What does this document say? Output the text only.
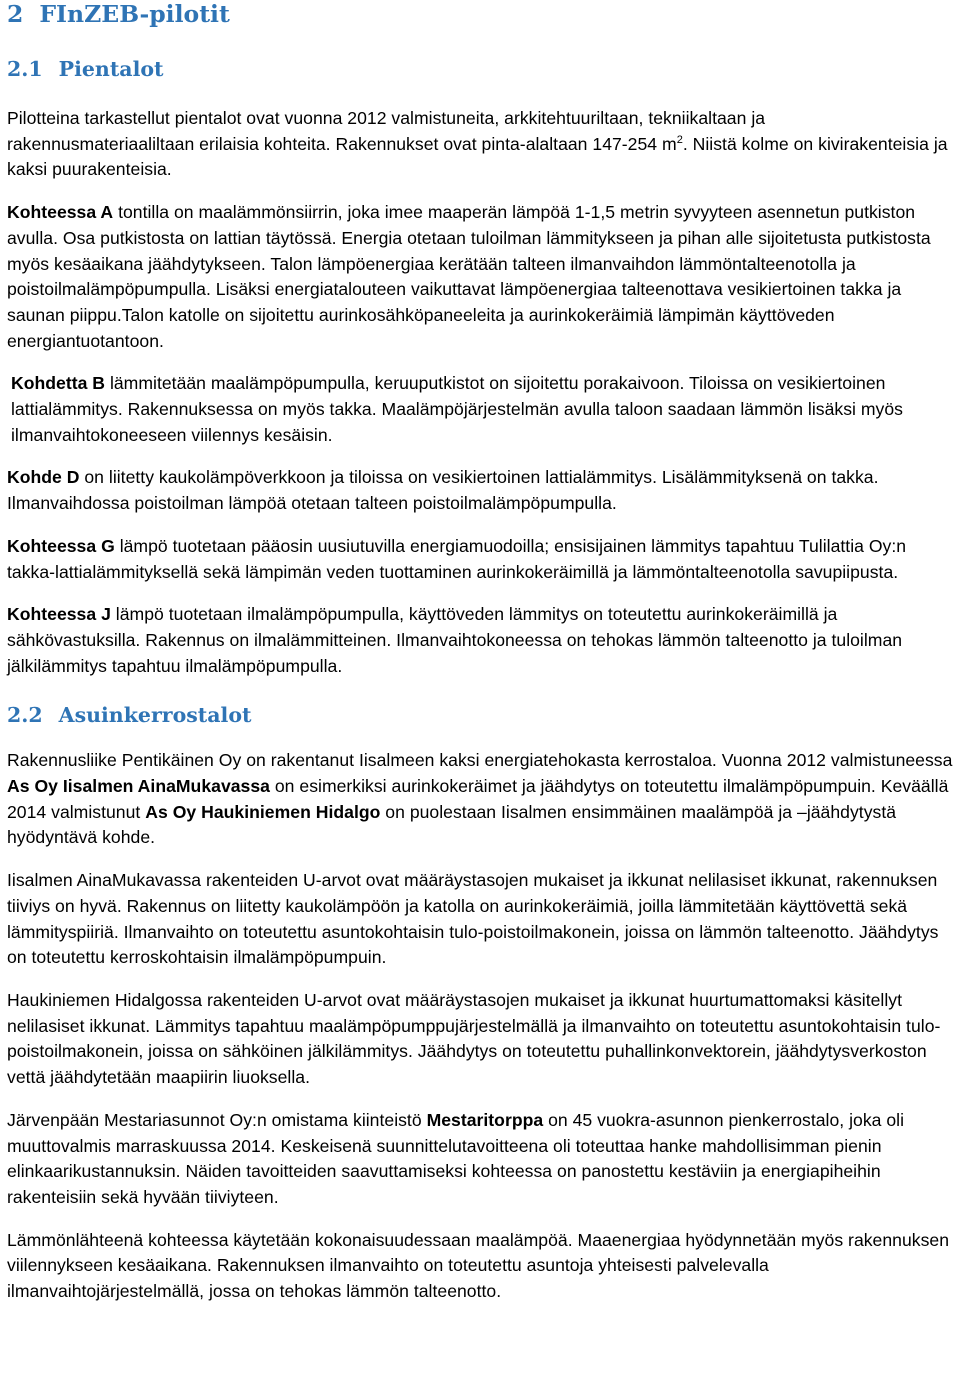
2 FInZEB-pilotit
2.1 Pientalot

Pilotteina tarkastellut pientalot ovat vuonna 2012 valmistuneita, arkkitehtuuriltaan, tekniikaltaan ja rakennusmateriaaliltaan erilaisia kohteita. Rakennukset ovat pinta-alaltaan 147-254 $m^2$. Niistä kolme on kivirakenteisia ja kaksi puurakenteisia.

Kohteessa A tontilla on maalämmönsiirrin, joka imee maaperän lämpöä 1-1,5 metrin syvyyteen asennetun putkiston avulla. Osa putkistosta on lattian täytössä. Energia otetaan tuloilman lämmitykseen ja pihan alle sijoitetusta putkistosta myös kesäaikana jäähdytykseen. Talon lämpöenergiaa kerätään talteen ilmanvaihdon lämmöntalteenotolla ja poistoilmalämpöpumpulla. Lisäksi energiatalouteen vaikuttavat lämpöenergiaa talteenottava vesikiertoinen takka ja saunan piippu.Talon katolle on sijoitettu aurinkosähköpaneeleita ja aurinkokeräimiä lämpimän käyttöveden energiantuotantoon.

Kohdetta B lämmitetään maalämpöpumpulla, keruuputkistot on sijoitettu porakaivoon. Tiloissa on vesikiertoinen lattialämmitys. Rakennuksessa on myös takka. Maalämpöjärjestelmän avulla taloon saadaan lämmön lisäksi myös ilmanvaihtokoneeseen viilennys kesäisin.

Kohde D on liitetty kaukolämpöverkkoon ja tiloissa on vesikiertoinen lattialämmitys. Lisälämmityksenä on takka. Ilmanvaihdossa poistoilman lämpöä otetaan talteen poistoilmalämpöpumpulla.

Kohteessa G lämpö tuotetaan pääosin uusiutuvilla energiamuodoilla; ensisijainen lämmitys tapahtuu Tulilattia Oy:n takka-lattialämmityksellä sekä lämpimän veden tuottaminen aurinkokeräimillä ja lämmöntalteenotolla savupiipusta.

Kohteessa J lämpö tuotetaan ilmalämpöpumpulla, käyttöveden lämmitys on toteutettu aurinkokeräimillä ja sähkövastuksilla. Rakennus on ilmalämmitteinen. Ilmanvaihtokoneessa on tehokas lämmön talteenotto ja tuloilman jälkilämmitys tapahtuu ilmalämpöpumpulla.

2.2 Asuinkerrostalot

Rakennusliike Pentikäinen Oy on rakentanut Iisalmeen kaksi energiatehokasta kerrostaloa. Vuonna 2012 valmistuneessa As Oy Iisalmen AinaMukavassa on esimerkiksi aurinkokeräimet ja jäähdytys on toteutettu ilmalämpöpumpuin. Keväällä 2014 valmistunut As Oy Haukiniemen Hidalgo on puolestaan Iisalmen ensimmäinen maalämpöä ja –jäähdytystä hyödyntävä kohde.

Iisalmen AinaMukavassa rakenteiden U-arvot ovat määräystasojen mukaiset ja ikkunat nelilasiset ikkunat, rakennuksen tiiviys on hyvä. Rakennus on liitetty kaukolämpöön ja katolla on aurinkokeräimiä, joilla lämmitetään käyttövettä sekä lämmityspiiriä. Ilmanvaihto on toteutettu asuntokohtaisin tulo-poistoilmakonein, joissa on lämmön talteenotto. Jäähdytys on toteutettu kerroskohtaisin ilmalämpöpumpuin.

Haukiniemen Hidalgossa rakenteiden U-arvot ovat määräystasojen mukaiset ja ikkunat huurtumattomaksi käsitellyt nelilasiset ikkunat. Lämmitys tapahtuu maalämpöpumppujärjestelmällä ja ilmanvaihto on toteutettu asuntokohtaisin tulo-poistoilmakonein, joissa on sähköinen jälkilämmitys. Jäähdytys on toteutettu puhallinkonvektorein, jäähdytysverkoston vettä jäähdytetään maapiirin liuoksella.

Järvenpään Mestariasunnot Oy:n omistama kiinteistö Mestaritorppa on 45 vuokra-asunnon pienkerrostalo, joka oli muuttovalmis marraskuussa 2014. Keskeisenä suunnittelutavoitteena oli toteuttaa hanke mahdollisimman pienin elinkaarikustannuksin. Näiden tavoitteiden saavuttamiseksi kohteessa on panostettu kestäviin ja energiapiheihin rakenteisiin sekä hyvään tiiviyteen.

Lämmönlähteenä kohteessa käytetään kokonaisuudessaan maalämpöä. Maaenergiaa hyödynnetään myös rakennuksen viilennykseen kesäaikana. Rakennuksen ilmanvaihto on toteutettu asuntoja yhteisesti palvelevalla ilmanvaihtojärjestelmällä, jossa on tehokas lämmön talteenotto.
